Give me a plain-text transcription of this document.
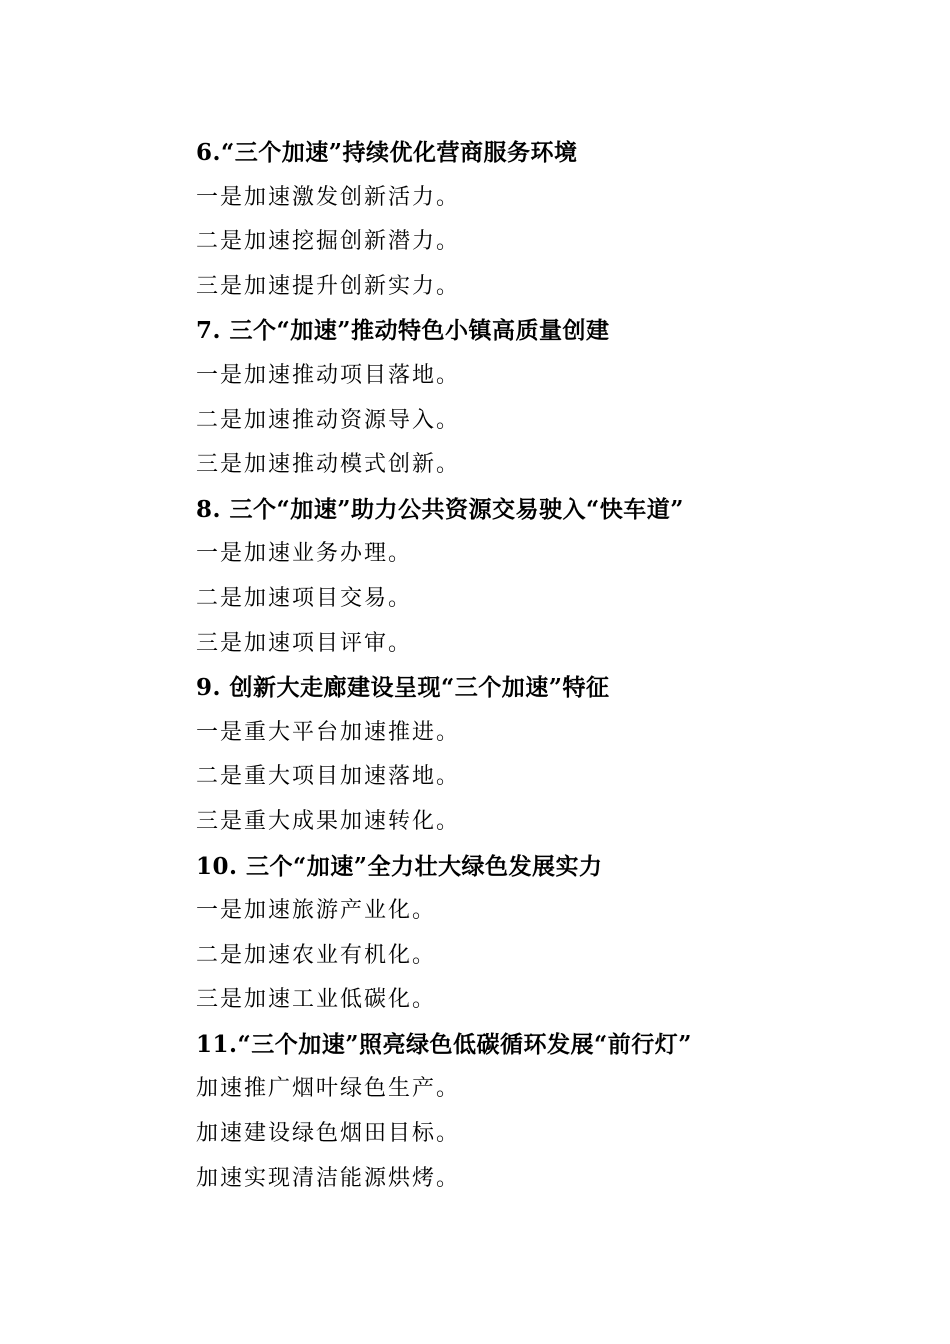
6.“三个加速”持续优化营商服务环境
一是加速激发创新活力。
二是加速挖掘创新潜力。
三是加速提升创新实力。
7. 三个“加速”推动特色小镇高质量创建
一是加速推动项目落地。
二是加速推动资源导入。
三是加速推动模式创新。
8. 三个“加速”助力公共资源交易驶入“快车道”
一是加速业务办理。
二是加速项目交易。
三是加速项目评审。
9. 创新大走廊建设呈现“三个加速”特征
一是重大平台加速推进。
二是重大项目加速落地。
三是重大成果加速转化。
10. 三个“加速”全力壮大绿色发展实力
一是加速旅游产业化。
二是加速农业有机化。
三是加速工业低碳化。
11.“三个加速”照亮绿色低碳循环发展“前行灯”
加速推广烟叶绿色生产。
加速建设绿色烟田目标。
加速实现清洁能源烘烤。
